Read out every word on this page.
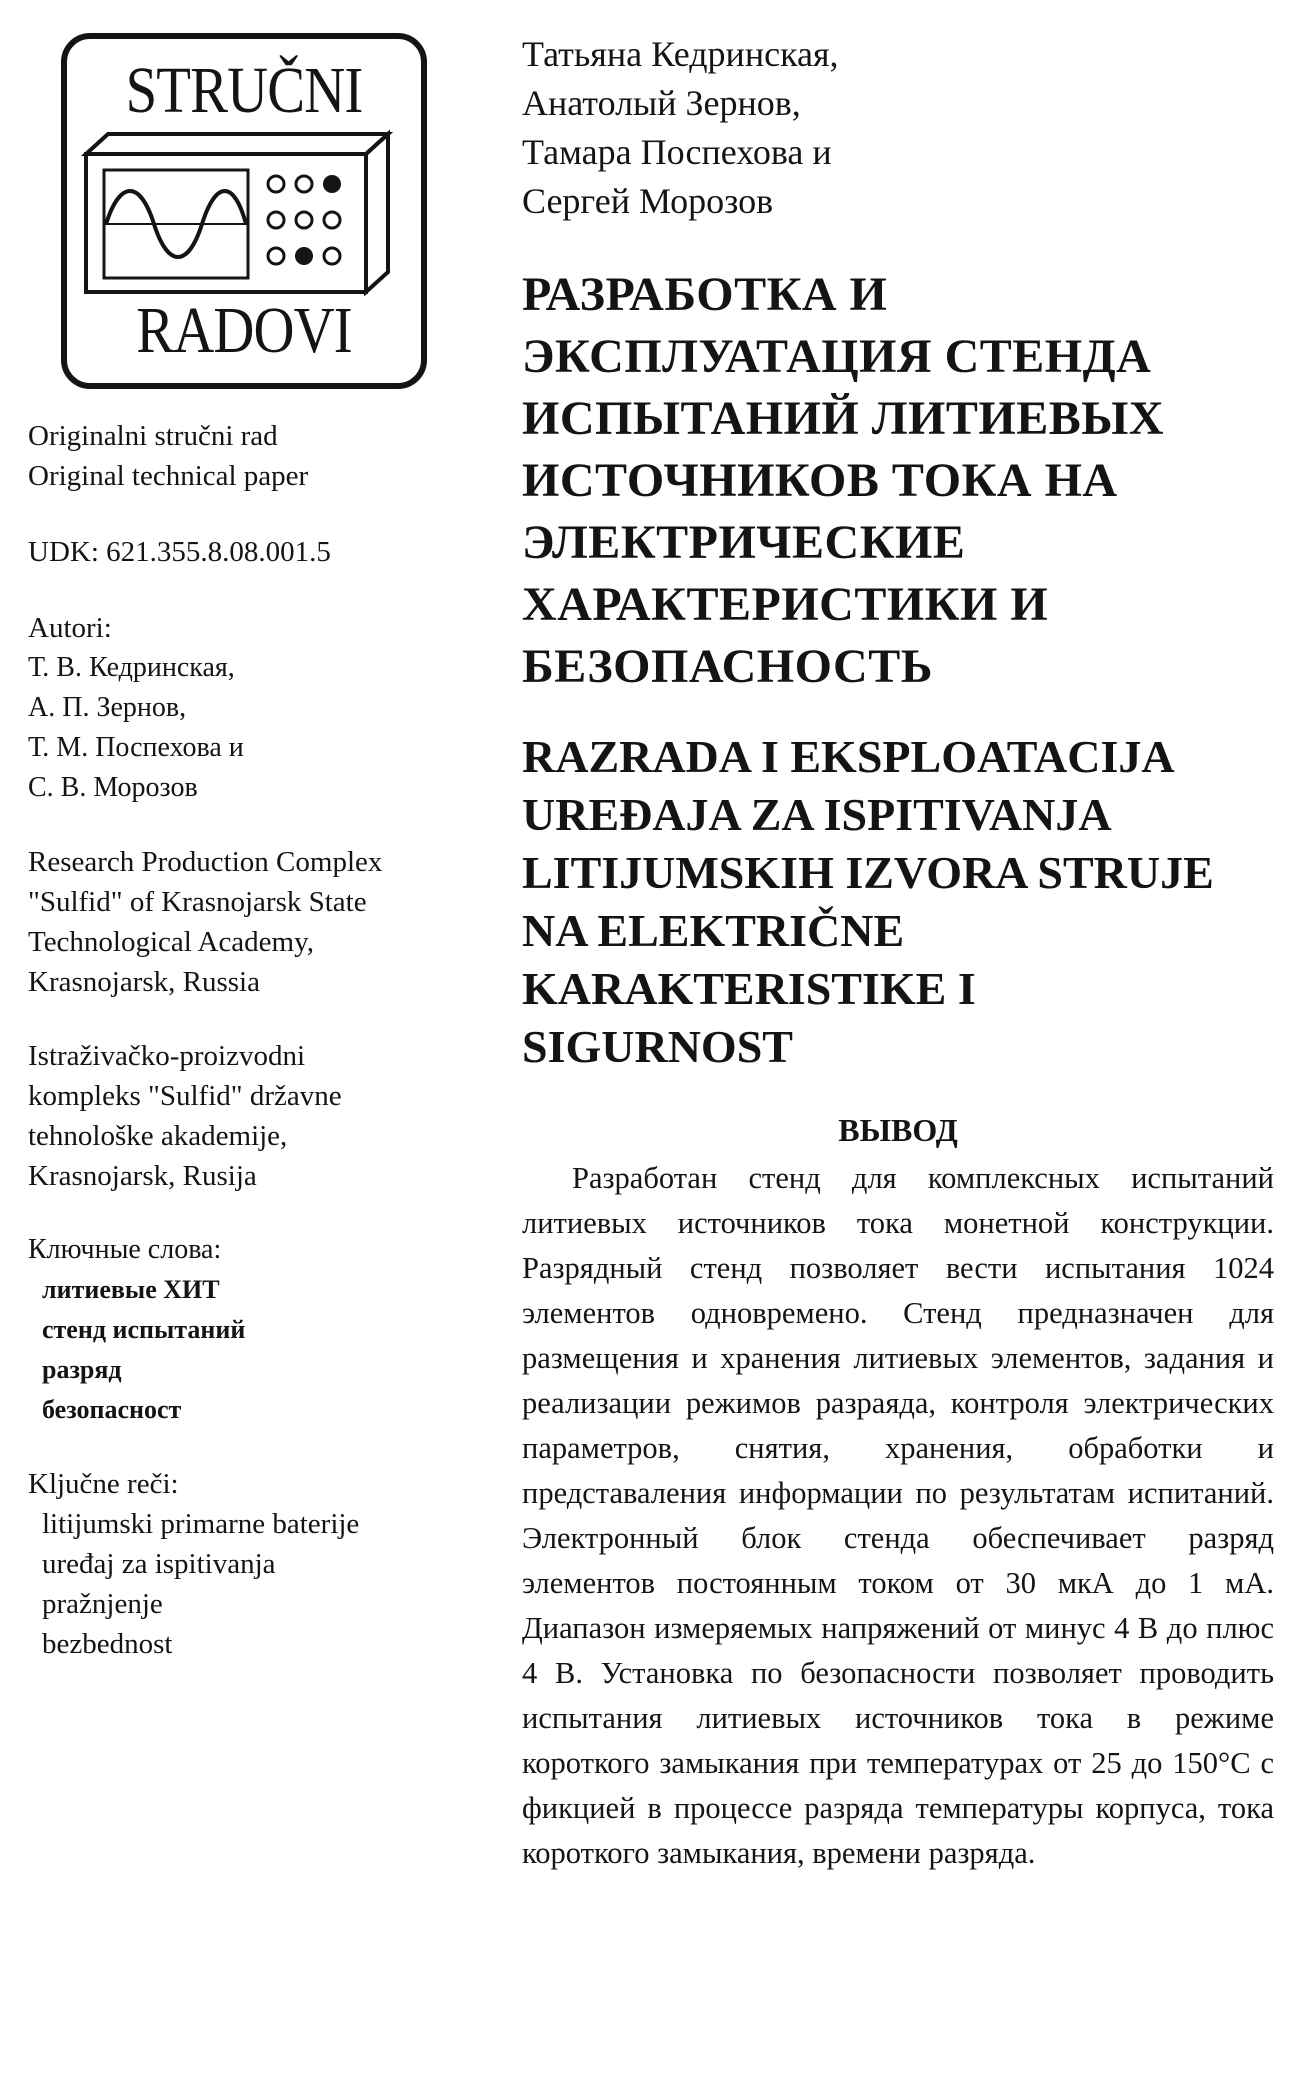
STRUČNI
RADOVI

Originalni stručni rad

Original technical paper

UDK: 621.355.8.08.001.5

Autori:

Т. В. Кедринская,

А. П. Зернов,

Т. М. Поспехова и

С. В. Морозов

Research Production Complex

"Sulfid" of Krasnojarsk State

Technological Academy,

Krasnojarsk, Russia

Istraživačko-proizvodni

kompleks "Sulfid" državne

tehnološke akademije,

Krasnojarsk, Rusija

Ключные слова:

литиевые ХИТ

стенд испытаний

разряд

безопасност

Ključne reči:

litijumski primarne baterije

uređaj za ispitivanja

pražnjenje

bezbednost

Татьяна Кедринская,

Анатолый Зернов,

Тамара Поспехова и

Сергей Морозов

РАЗРАБОТКА И
ЭКСПЛУАТАЦИЯ СТЕНДА
ИСПЫТАНИЙ ЛИТИЕВЫХ
ИСТОЧНИКОВ ТОКА НА
ЭЛЕКТРИЧЕСКИЕ
ХАРАКТЕРИСТИКИ И
БЕЗОПАСНОСТЬ
RAZRADA I EKSPLOATACIJA
UREĐAJA ZA ISPITIVANJA
LITIJUMSKIH IZVORA STRUJE
NA ELEKTRIČNE
KARAKTERISTIKE I
SIGURNOST
ВЫВОД

Разработан стенд для комплексных испытаний литиевых источников тока монетной конструкции. Разрядный стенд позволяет вести испытания 1024 элементов одновремено. Стенд предназначен для размещения и хранения литиевых элементов, задания и реализации режимов разраяда, контроля электрических параметров, снятия, хранения, обработки и представаления информации по результатам испитаний. Электронный блок стенда обеспечивает разряд элементов постоянным током от 30 мкА до 1 мА. Диапазон измеряемых напряжений от минус 4 В до плюс 4 В. Установка по безопасности позволяет проводить испытания литиевых источников тока в режиме короткого замыкания при температурах от 25 до 150°C с фикцией в процессе разряда температуры корпуса, тока короткого замыкания, времени разряда.
